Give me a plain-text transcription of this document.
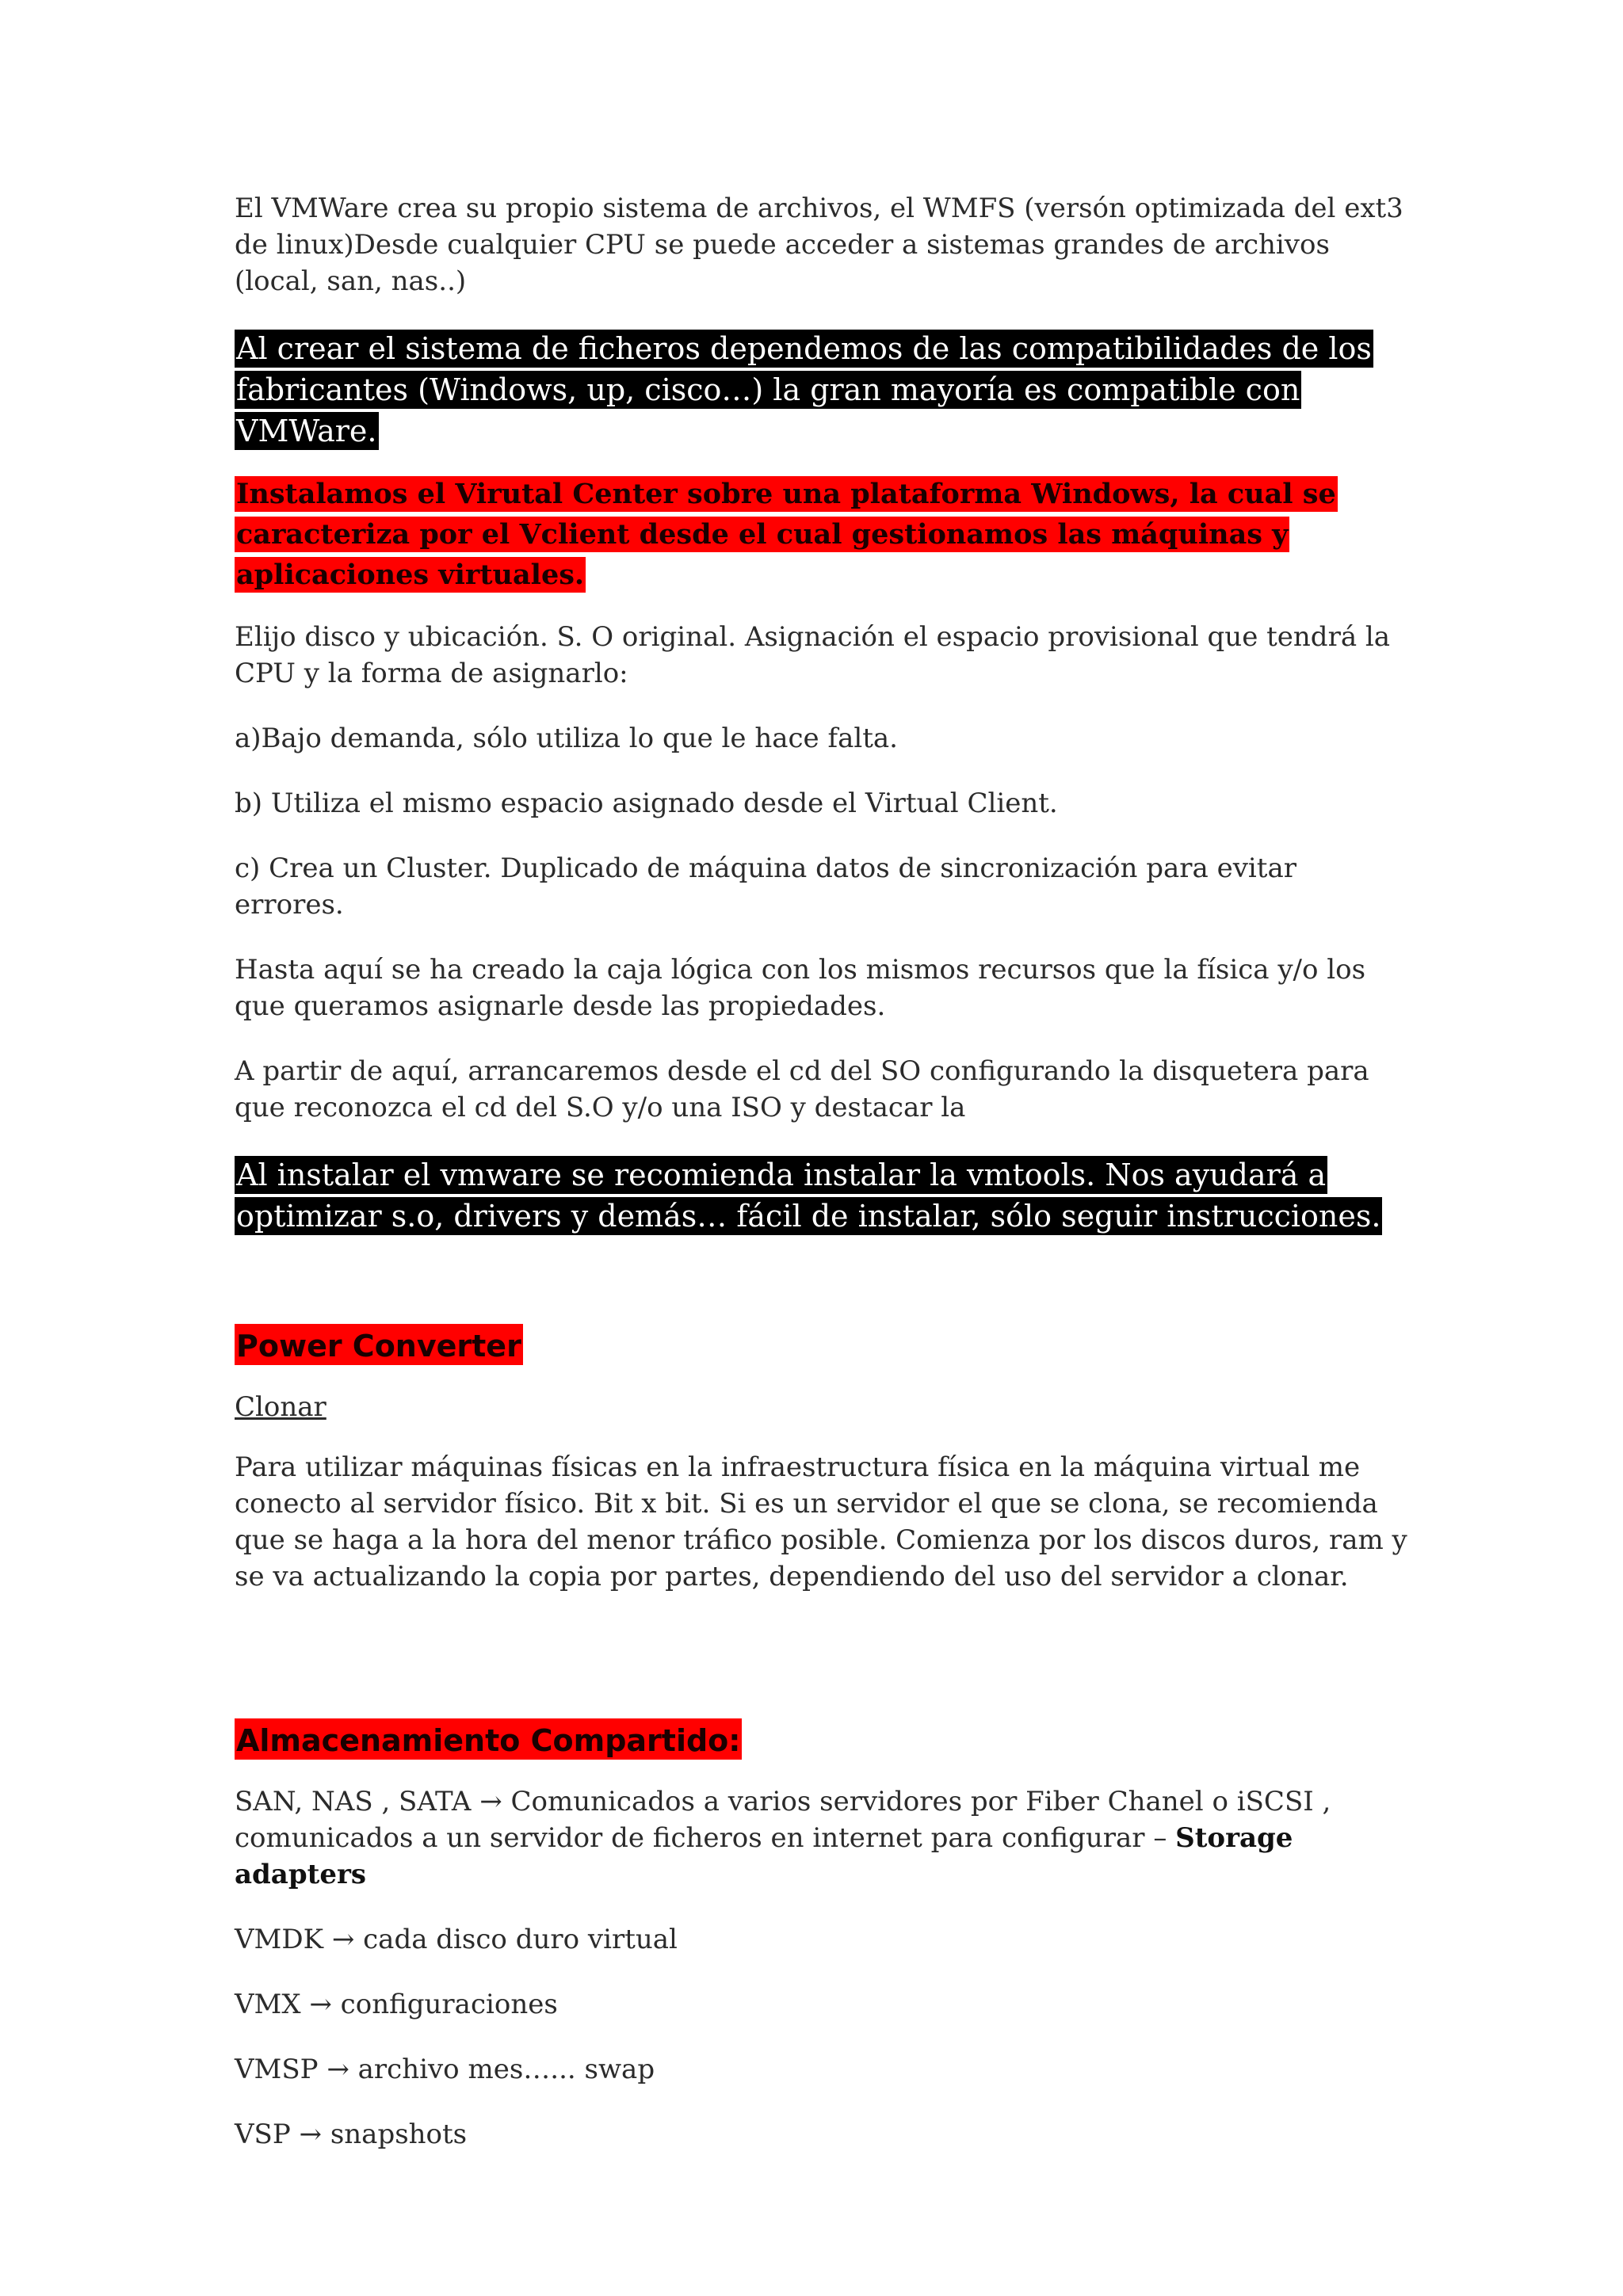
El VMWare crea su propio sistema de archivos, el WMFS (versón optimizada del ext3 de linux)Desde cualquier CPU se puede acceder a sistemas grandes de archivos (local, san, nas..)

Al crear el sistema de ficheros dependemos de las compatibilidades de los fabricantes (Windows, up, cisco…) la gran mayoría es compatible con VMWare.

Instalamos el Virutal Center sobre una plataforma Windows, la cual se caracteriza por el Vclient desde el cual gestionamos las máquinas y aplicaciones virtuales.

Elijo disco y ubicación. S. O original. Asignación el espacio provisional que tendrá la CPU y la forma de asignarlo:

a)Bajo demanda, sólo utiliza lo que le hace falta.

b) Utiliza el mismo espacio asignado desde el Virtual Client.

c) Crea un Cluster. Duplicado de máquina datos de sincronización para evitar errores.

Hasta aquí se ha creado la caja lógica con los mismos recursos que la física y/o los que queramos asignarle desde las propiedades.

A partir de aquí, arrancaremos desde el cd del SO configurando la disquetera para que reconozca el cd del S.O y/o una ISO y destacar la

Al instalar el vmware se recomienda instalar la vmtools. Nos ayudará a optimizar s.o, drivers y demás… fácil de instalar, sólo seguir instrucciones.

Power Converter

Clonar

Para utilizar máquinas físicas en la infraestructura física en la máquina virtual me conecto al servidor físico. Bit x bit. Si es un servidor el que se clona, se recomienda que se haga a la hora del menor tráfico posible. Comienza por los discos duros, ram y se va actualizando la copia por partes, dependiendo del uso del servidor a clonar.

Almacenamiento Compartido:

SAN, NAS , SATA → Comunicados a varios servidores por Fiber Chanel o iSCSI , comunicados a un servidor de ficheros en internet para configurar – Storage adapters

VMDK → cada disco duro virtual

VMX → configuraciones

VMSP → archivo mes…... swap

VSP → snapshots
